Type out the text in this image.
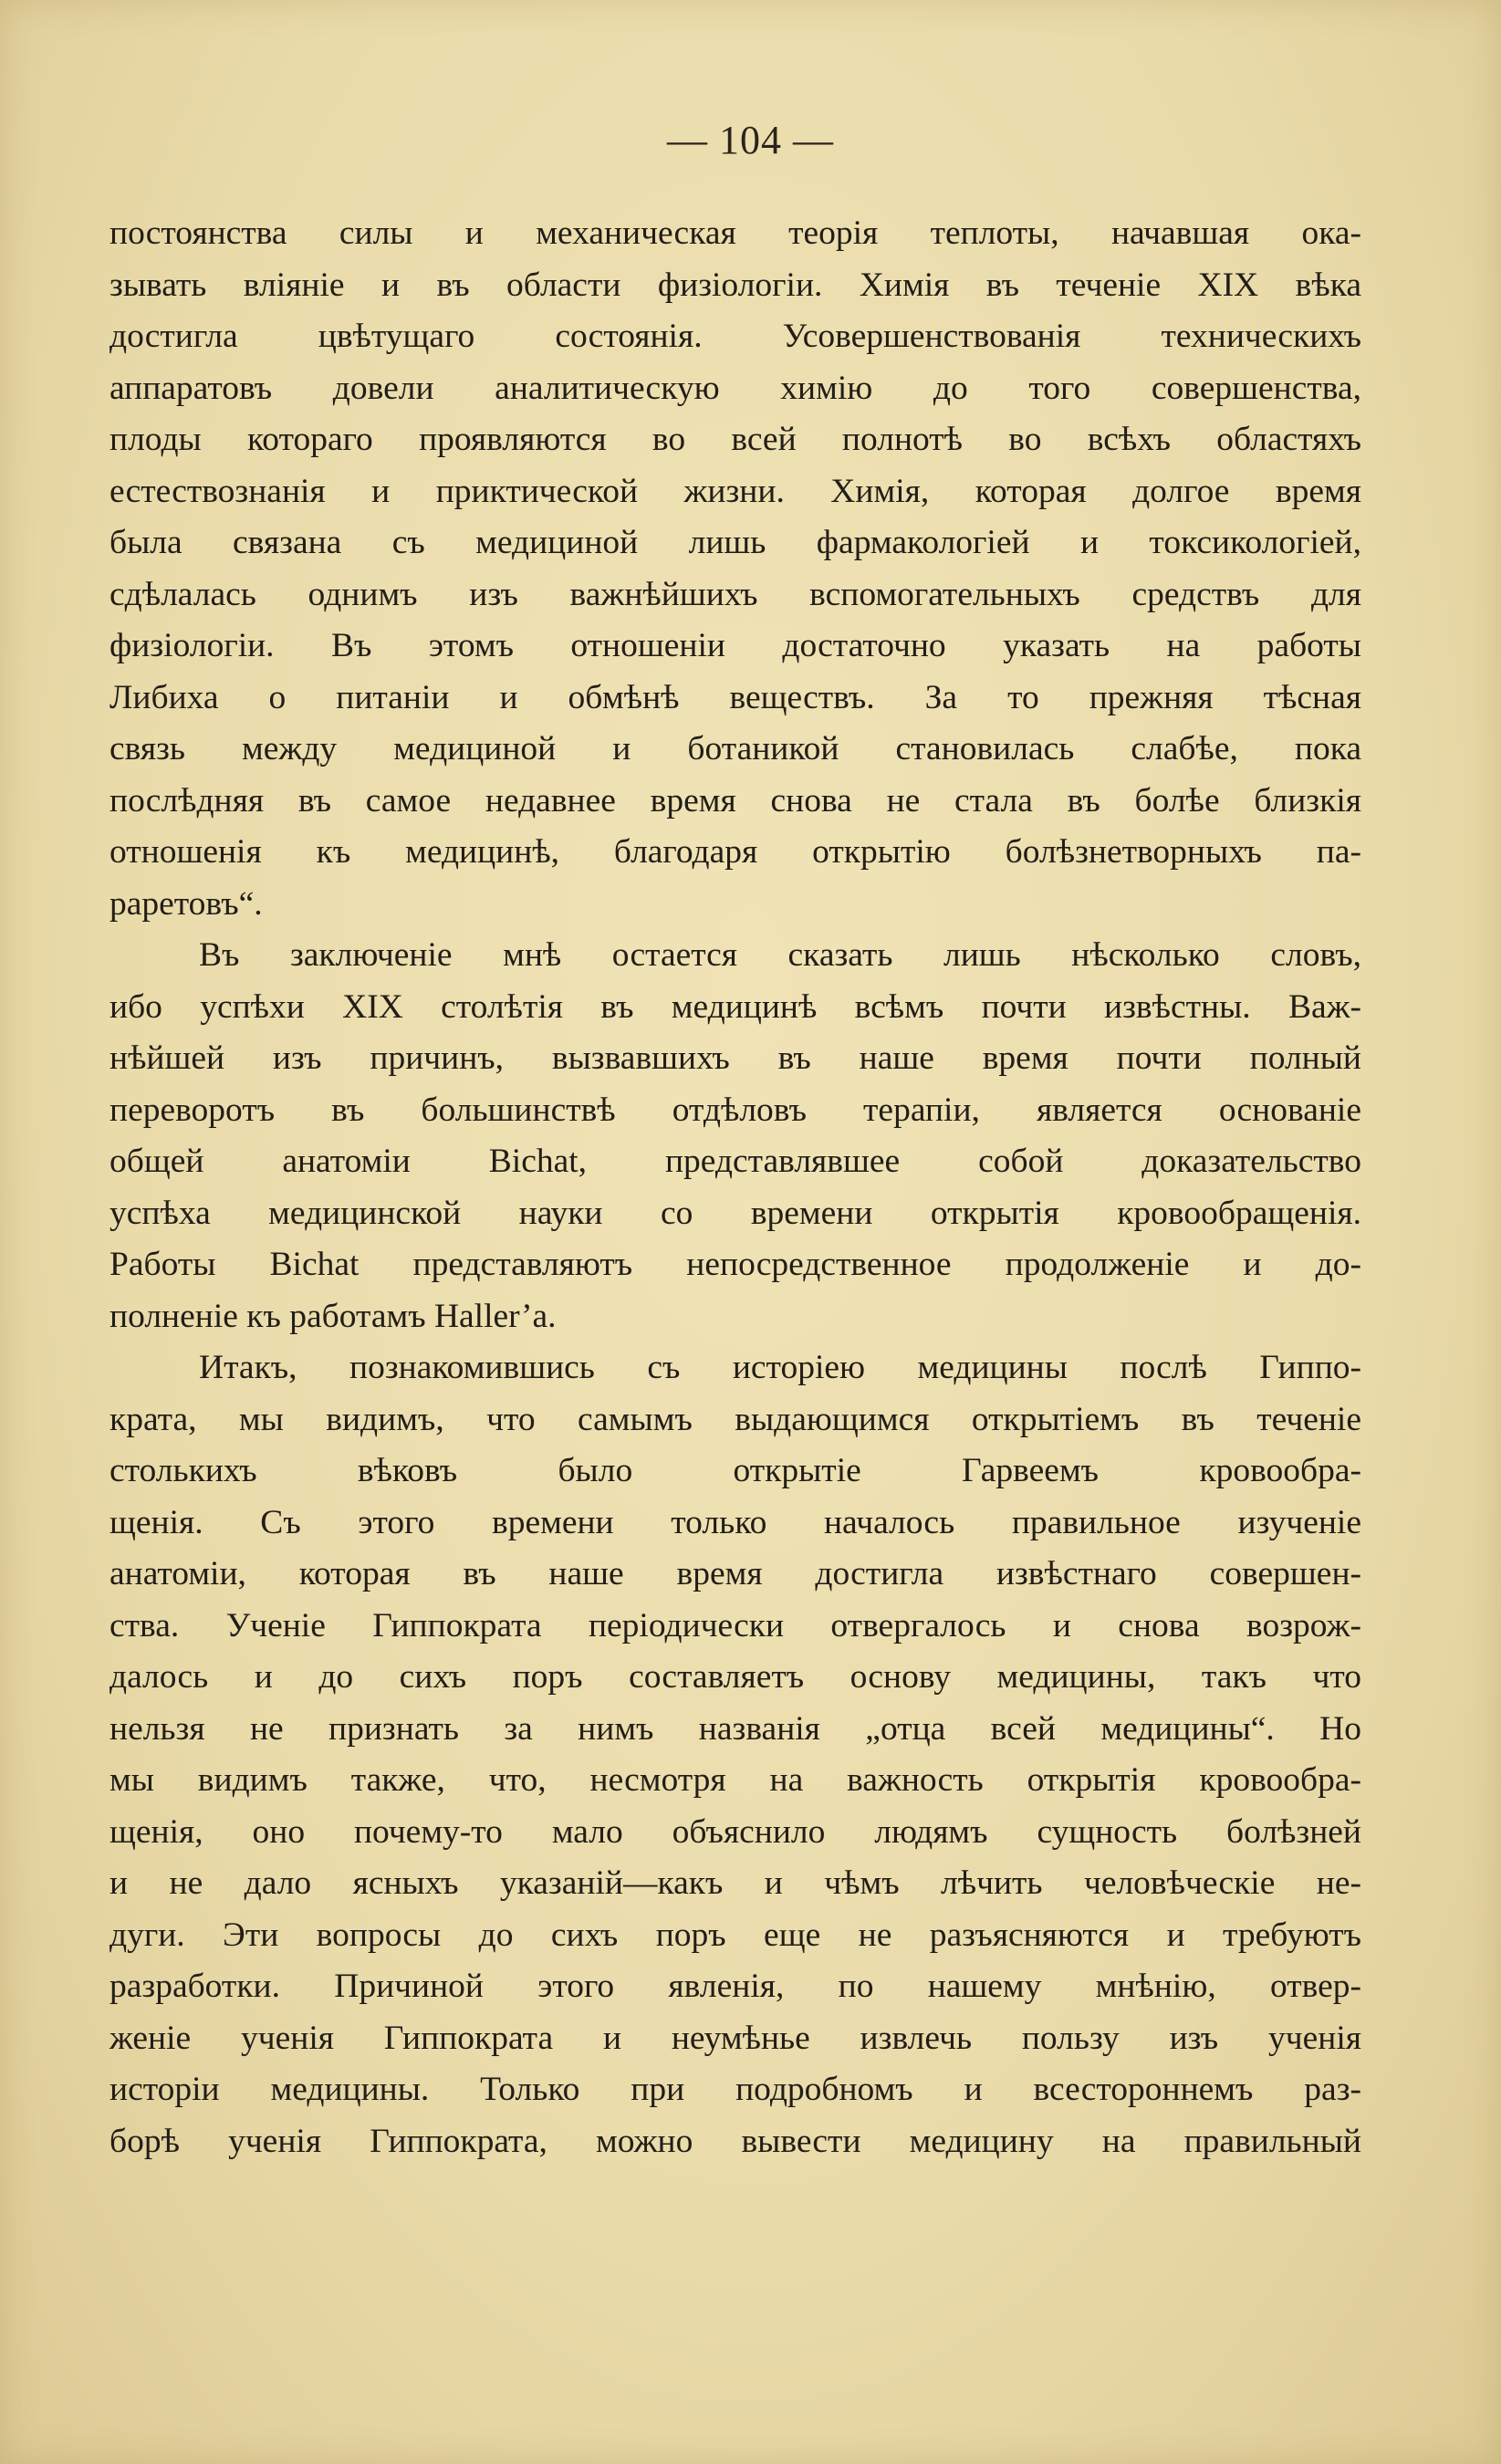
— 104 —
постоянства силы и механическая теорія теплоты, начавшая ока-
зывать вліяніе и въ области физіологіи. Химія въ теченіе XIX вѣка
достигла цвѣтущаго состоянія. Усовершенствованія техническихъ
аппаратовъ довели аналитическую химію до того совершенства,
плоды котораго проявляются во всей полнотѣ во всѣхъ областяхъ
естествознанія и приктической жизни. Химія, которая долгое время
была связана съ медициной лишь фармакологіей и токсикологіей,
сдѣлалась однимъ изъ важнѣйшихъ вспомогательныхъ средствъ для
физіологіи. Въ этомъ отношеніи достаточно указать на работы
Либиха о питаніи и обмѣнѣ веществъ. За то прежняя тѣсная
связь между медициной и ботаникой становилась слабѣе, пока
послѣдняя въ самое недавнее время снова не стала въ болѣе близкія
отношенія къ медицинѣ, благодаря открытію болѣзнетворныхъ па-
раретовъ“.
Въ заключеніе мнѣ остается сказать лишь нѣсколько словъ,
ибо успѣхи XIX столѣтія въ медицинѣ всѣмъ почти извѣстны. Важ-
нѣйшей изъ причинъ, вызвавшихъ въ наше время почти полный
переворотъ въ большинствѣ отдѣловъ терапіи, является основаніе
общей анатоміи Bichat, представлявшее собой доказательство
успѣха медицинской науки со времени открытія кровообращенія.
Работы Bichat представляютъ непосредственное продолженіе и до-
полненіе къ работамъ Haller’a.
Итакъ, познакомившись съ исторіею медицины послѣ Гиппо-
крата, мы видимъ, что самымъ выдающимся открытіемъ въ теченіе
столькихъ вѣковъ было открытіе Гарвеемъ кровообра-
щенія. Съ этого времени только началось правильное изученіе
анатоміи, которая въ наше время достигла извѣстнаго совершен-
ства. Ученіе Гиппократа періодически отвергалось и снова возрож-
далось и до сихъ поръ составляетъ основу медицины, такъ что
нельзя не признать за нимъ названія „отца всей медицины“. Но
мы видимъ также, что, несмотря на важность открытія кровообра-
щенія, оно почему-то мало объяснило людямъ сущность болѣзней
и не дало ясныхъ указаній—какъ и чѣмъ лѣчить человѣческіе не-
дуги. Эти вопросы до сихъ поръ еще не разъясняются и требуютъ
разработки. Причиной этого явленія, по нашему мнѣнію, отвер-
женіе ученія Гиппократа и неумѣнье извлечь пользу изъ ученія
исторіи медицины. Только при подробномъ и всестороннемъ раз-
борѣ ученія Гиппократа, можно вывести медицину на правильный
